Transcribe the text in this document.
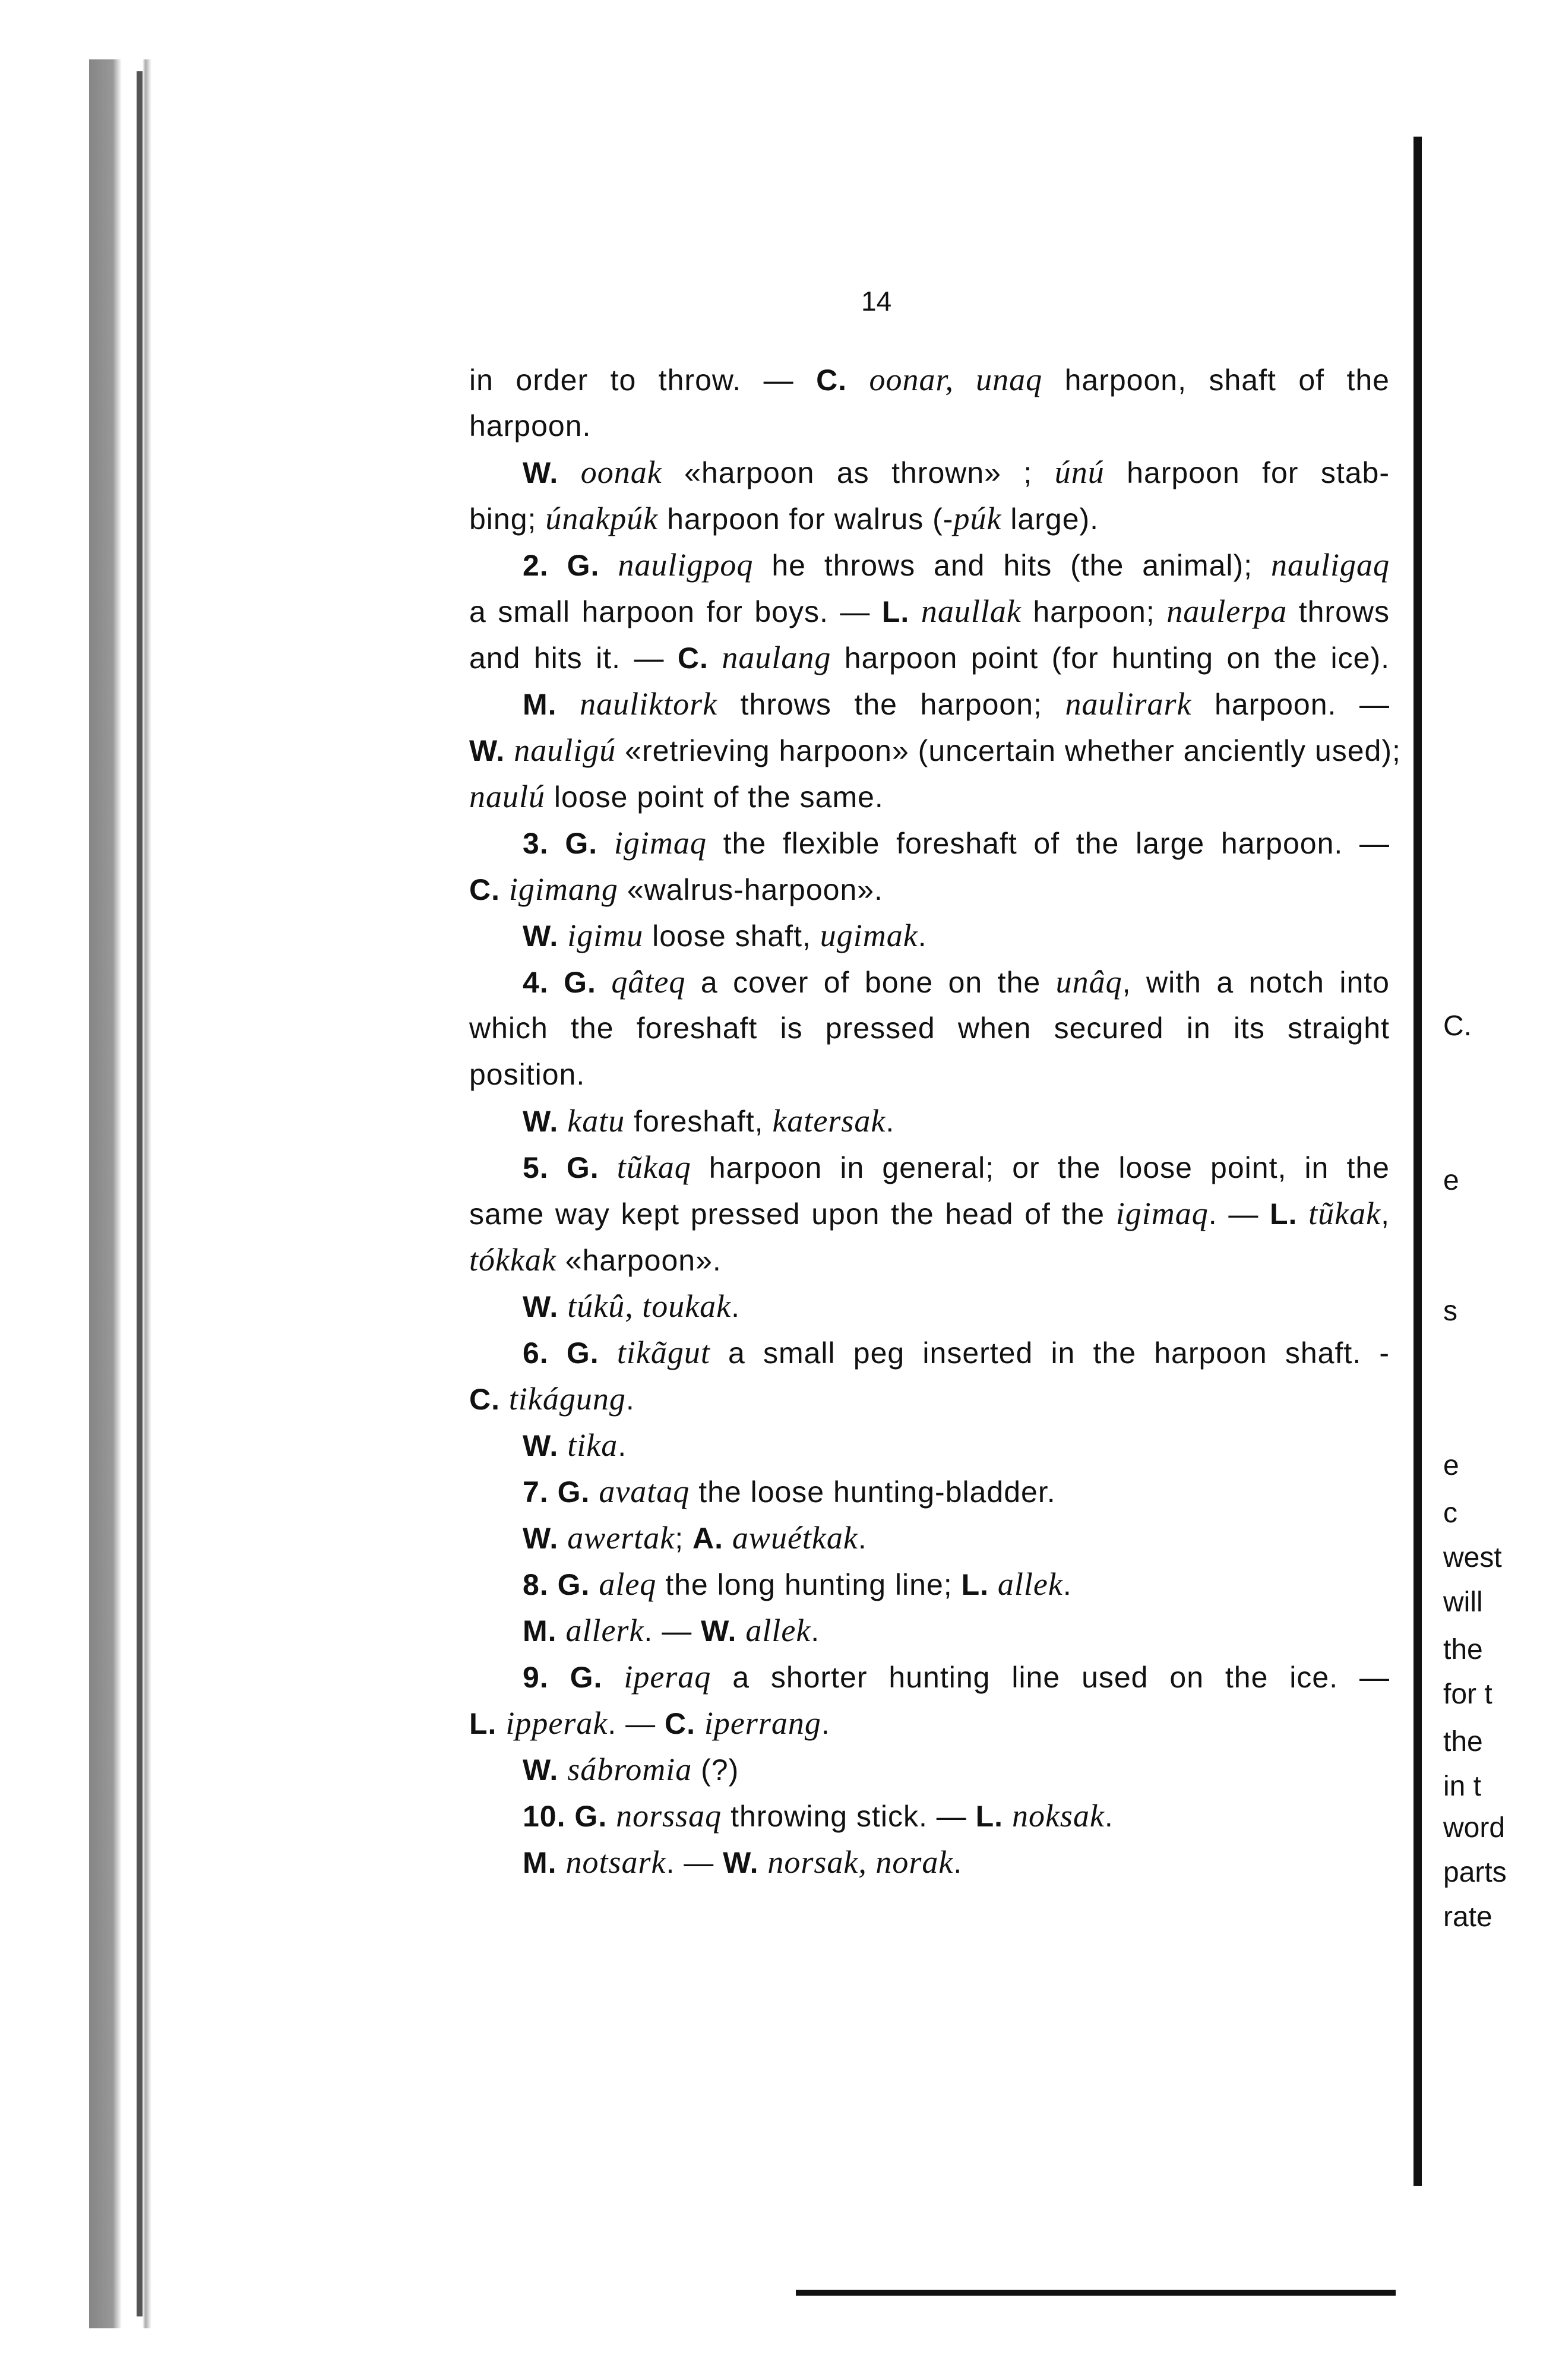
14
in order to throw. — C. oonar, unaq harpoon, shaft of the
harpoon.
W. oonak «harpoon as thrown» ; únú harpoon for stab-
bing; únakpúk harpoon for walrus (-púk large).
2. G. nauligpoq he throws and hits (the animal); nauligaq
a small harpoon for boys. — L. naullak harpoon; naulerpa throws
and hits it. — C. naulang harpoon point (for hunting on the ice).
M. nauliktork throws the harpoon; naulirark harpoon. —
W. nauligú «retrieving harpoon» (uncertain whether anciently used);
naulú loose point of the same.
3. G. igimaq the flexible foreshaft of the large harpoon. —
C. igimang «walrus-harpoon».
W. igimu loose shaft, ugimak.
4. G. qâteq a cover of bone on the unâq, with a notch into
which the foreshaft is pressed when secured in its straight
position.
W. katu foreshaft, katersak.
5. G. tũkaq harpoon in general; or the loose point, in the
same way kept pressed upon the head of the igimaq. — L. tũkak,
tókkak «harpoon».
W. túkû, toukak.
6. G. tikãgut a small peg inserted in the harpoon shaft. -
C. tikágung.
W. tika.
7. G. avataq the loose hunting-bladder.
W. awertak; A. awuétkak.
8. G. aleq the long hunting line; L. allek.
M. allerk. — W. allek.
9. G. iperaq a shorter hunting line used on the ice. —
L. ipperak. — C. iperrang.
W. sábromia (?)
10. G. norssaq throwing stick. — L. noksak.
M. notsark. — W. norsak, norak.
C.
e
s
e
c
west
will
the
for t
the
in t
word
parts
rate
